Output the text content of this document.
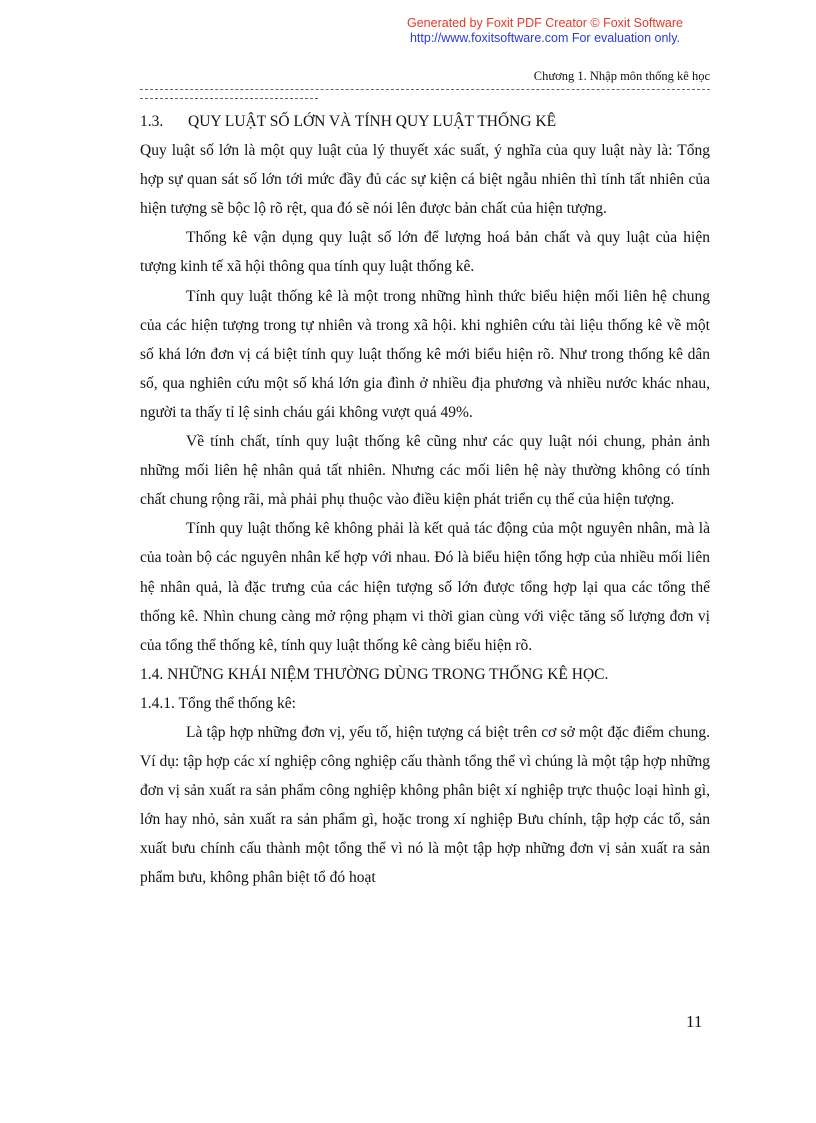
Generated by Foxit PDF Creator © Foxit Software
http://www.foxitsoftware.com For evaluation only.
Chương 1. Nhập môn thống kê học
1.3. QUY LUẬT SỐ LỚN VÀ TÍNH QUY LUẬT THỐNG KÊ

Quy luật số lớn là một quy luật của lý thuyết xác suất, ý nghĩa của quy luật này là: Tổng hợp sự quan sát số lớn tới mức đầy đủ các sự kiện cá biệt ngẫu nhiên thì tính tất nhiên của hiện tượng sẽ bộc lộ rõ rệt, qua đó sẽ nói lên được bản chất của hiện tượng.

Thống kê vận dụng quy luật số lớn để lượng hoá bản chất và quy luật của hiện tượng kinh tế xã hội thông qua tính quy luật thống kê.

Tính quy luật thống kê là một trong những hình thức biểu hiện mối liên hệ chung của các hiện tượng trong tự nhiên và trong xã hội. khi nghiên cứu tài liệu thống kê về một số khá lớn đơn vị cá biệt tính quy luật thống kê mới biểu hiện rõ. Như trong thống kê dân số, qua nghiên cứu một số khá lớn gia đình ở nhiều địa phương và nhiều nước khác nhau, người ta thấy tỉ lệ sinh cháu gái không vượt quá 49%.

Về tính chất, tính quy luật thống kê cũng như các quy luật nói chung, phản ảnh những mối liên hệ nhân quả tất nhiên. Nhưng các mối liên hệ này thường không có tính chất chung rộng rãi, mà phải phụ thuộc vào điều kiện phát triển cụ thể của hiện tượng.

Tính quy luật thống kê không phải là kết quả tác động của một nguyên nhân, mà là của toàn bộ các nguyên nhân kế hợp với nhau. Đó là biểu hiện tổng hợp của nhiều mối liên hệ nhân quả, là đặc trưng của các hiện tượng số lớn được tổng hợp lại qua các tổng thể thống kê. Nhìn chung càng mở rộng phạm vi thời gian cùng với việc tăng số lượng đơn vị của tổng thể thống kê, tính quy luật thống kê càng biểu hiện rõ.

1.4. NHỮNG KHÁI NIỆM THƯỜNG DÙNG TRONG THỐNG KÊ HỌC.
1.4.1. Tổng thể thống kê:

Là tập hợp những đơn vị, yếu tố, hiện tượng cá biệt trên cơ sở một đặc điểm chung. Ví dụ: tập hợp các xí nghiệp công nghiệp cấu thành tổng thể vì chúng là một tập hợp những đơn vị sản xuất ra sản phẩm công nghiệp không phân biệt xí nghiệp trực thuộc loại hình gì, lớn hay nhỏ, sản xuất ra sản phẩm gì, hoặc trong xí nghiệp Bưu chính, tập hợp các tổ, sản xuất bưu chính cấu thành một tổng thể vì nó là một tập hợp những đơn vị sản xuất ra sản phẩm bưu, không phân biệt tổ đó hoạt

11
